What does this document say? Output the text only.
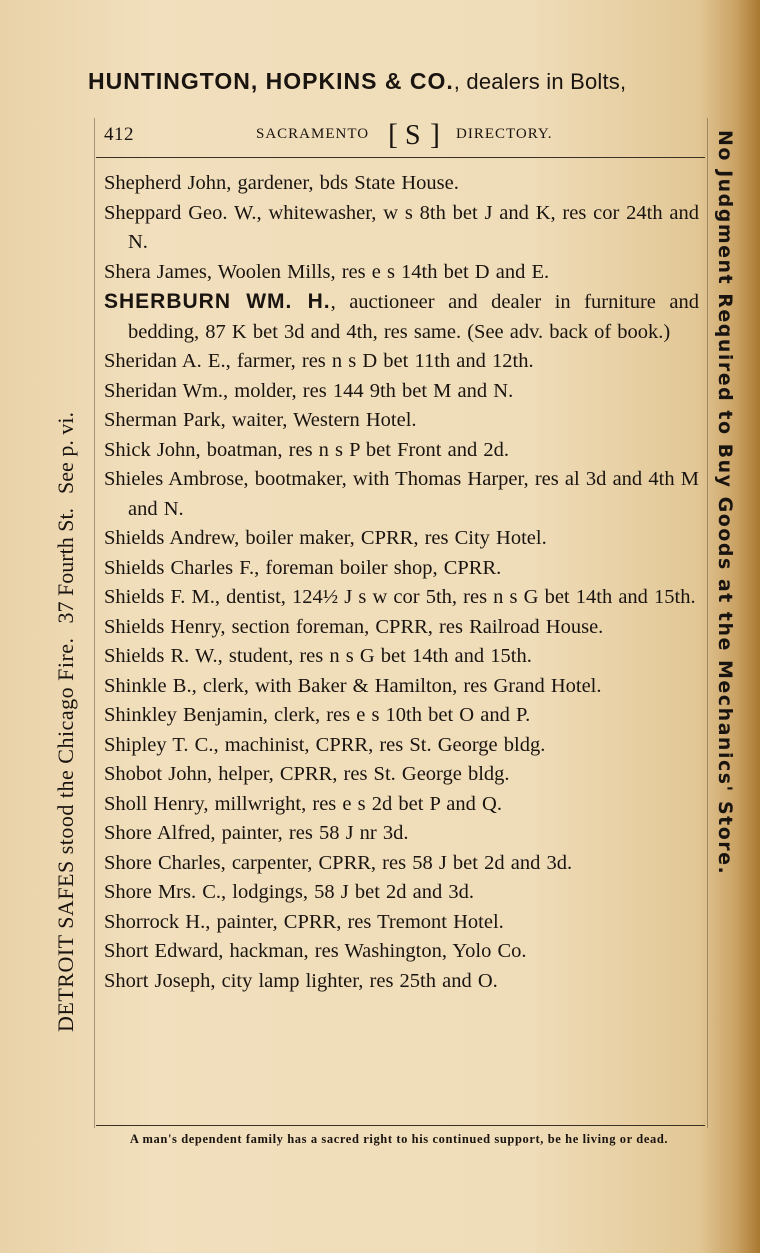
HUNTINGTON, HOPKINS & CO., dealers in Bolts,
DETROIT SAFES stood the Chicago Fire.37 Fourth St.See p. vi.	No Judgment Required to Buy Goods at the Mechanics' Store.
412	SACRAMENTO [ S ] DIRECTORY.
Shepherd John, gardener, bds State House.
Sheppard Geo. W., whitewasher, w s 8th bet J and K, res cor 24th and N.
Shera James, Woolen Mills, res e s 14th bet D and E.
SHERBURN WM. H., auctioneer and dealer in furniture and bedding, 87 K bet 3d and 4th, res same. (See adv. back of book.)
Sheridan A. E., farmer, res n s D bet 11th and 12th.
Sheridan Wm., molder, res 144 9th bet M and N.
Sherman Park, waiter, Western Hotel.
Shick John, boatman, res n s P bet Front and 2d.
Shieles Ambrose, bootmaker, with Thomas Harper, res al 3d and 4th M and N.
Shields Andrew, boiler maker, CPRR, res City Hotel.
Shields Charles F., foreman boiler shop, CPRR.
Shields F. M., dentist, 124½ J s w cor 5th, res n s G bet 14th and 15th.
Shields Henry, section foreman, CPRR, res Railroad House.
Shields R. W., student, res n s G bet 14th and 15th.
Shinkle B., clerk, with Baker & Hamilton, res Grand Hotel.
Shinkley Benjamin, clerk, res e s 10th bet O and P.
Shipley T. C., machinist, CPRR, res St. George bldg.
Shobot John, helper, CPRR, res St. George bldg.
Sholl Henry, millwright, res e s 2d bet P and Q.
Shore Alfred, painter, res 58 J nr 3d.
Shore Charles, carpenter, CPRR, res 58 J bet 2d and 3d.
Shore Mrs. C., lodgings, 58 J bet 2d and 3d.
Shorrock H., painter, CPRR, res Tremont Hotel.
Short Edward, hackman, res Washington, Yolo Co.
Short Joseph, city lamp lighter, res 25th and O.
A man's dependent family has a sacred right to his continued support, be he living or dead.
